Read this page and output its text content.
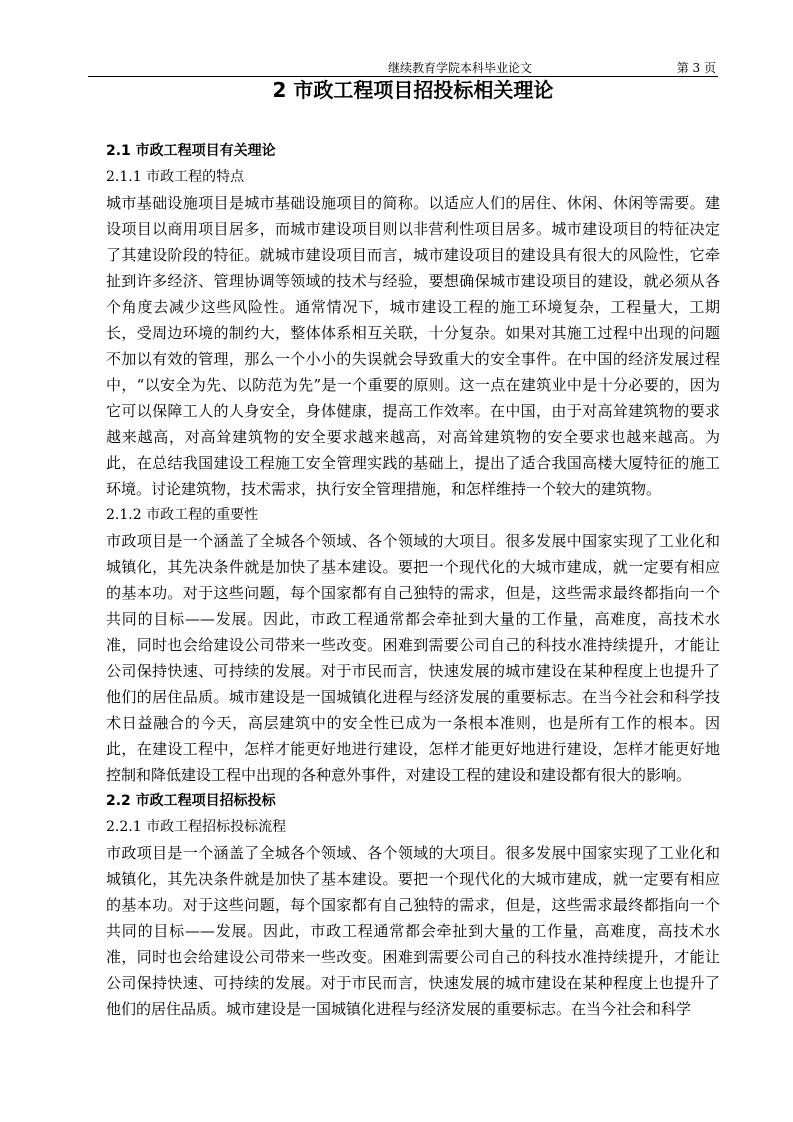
继续教育学院本科毕业论文	第 3 页
2 市政工程项目招投标相关理论
2.1 市政工程项目有关理论
2.1.1 市政工程的特点

城市基础设施项目是城市基础设施项目的简称。以适应人们的居住、休闲、休闲等需要。建设项目以商用项目居多，而城市建设项目则以非营利性项目居多。城市建设项目的特征决定了其建设阶段的特征。就城市建设项目而言，城市建设项目的建设具有很大的风险性，它牵扯到许多经济、管理协调等领域的技术与经验，要想确保城市建设项目的建设，就必须从各个角度去减少这些风险性。通常情况下，城市建设工程的施工环境复杂，工程量大，工期长，受周边环境的制约大，整体体系相互关联，十分复杂。如果对其施工过程中出现的问题不加以有效的管理，那么一个小小的失误就会导致重大的安全事件。在中国的经济发展过程中，“以安全为先、以防范为先”是一个重要的原则。这一点在建筑业中是十分必要的，因为它可以保障工人的人身安全，身体健康，提高工作效率。在中国，由于对高耸建筑物的要求越来越高，对高耸建筑物的安全要求越来越高，对高耸建筑物的安全要求也越来越高。为此，在总结我国建设工程施工安全管理实践的基础上，提出了适合我国高楼大厦特征的施工环境。讨论建筑物，技术需求，执行安全管理措施，和怎样维持一个较大的建筑物。

2.1.2 市政工程的重要性

市政项目是一个涵盖了全城各个领域、各个领域的大项目。很多发展中国家实现了工业化和城镇化，其先决条件就是加快了基本建设。要把一个现代化的大城市建成，就一定要有相应的基本功。对于这些问题，每个国家都有自己独特的需求，但是，这些需求最终都指向一个共同的目标——发展。因此，市政工程通常都会牵扯到大量的工作量，高难度，高技术水准，同时也会给建设公司带来一些改变。困难到需要公司自己的科技水准持续提升，才能让公司保持快速、可持续的发展。对于市民而言，快速发展的城市建设在某种程度上也提升了他们的居住品质。城市建设是一国城镇化进程与经济发展的重要标志。在当今社会和科学技术日益融合的今天，高层建筑中的安全性已成为一条根本准则，也是所有工作的根本。因此，在建设工程中，怎样才能更好地进行建设，怎样才能更好地进行建设，怎样才能更好地控制和降低建设工程中出现的各种意外事件，对建设工程的建设和建设都有很大的影响。

2.2 市政工程项目招标投标
2.2.1 市政工程招标投标流程

市政项目是一个涵盖了全城各个领域、各个领域的大项目。很多发展中国家实现了工业化和城镇化，其先决条件就是加快了基本建设。要把一个现代化的大城市建成，就一定要有相应的基本功。对于这些问题，每个国家都有自己独特的需求，但是，这些需求最终都指向一个共同的目标——发展。因此，市政工程通常都会牵扯到大量的工作量，高难度，高技术水准，同时也会给建设公司带来一些改变。困难到需要公司自己的科技水准持续提升，才能让公司保持快速、可持续的发展。对于市民而言，快速发展的城市建设在某种程度上也提升了他们的居住品质。城市建设是一国城镇化进程与经济发展的重要标志。在当今社会和科学
